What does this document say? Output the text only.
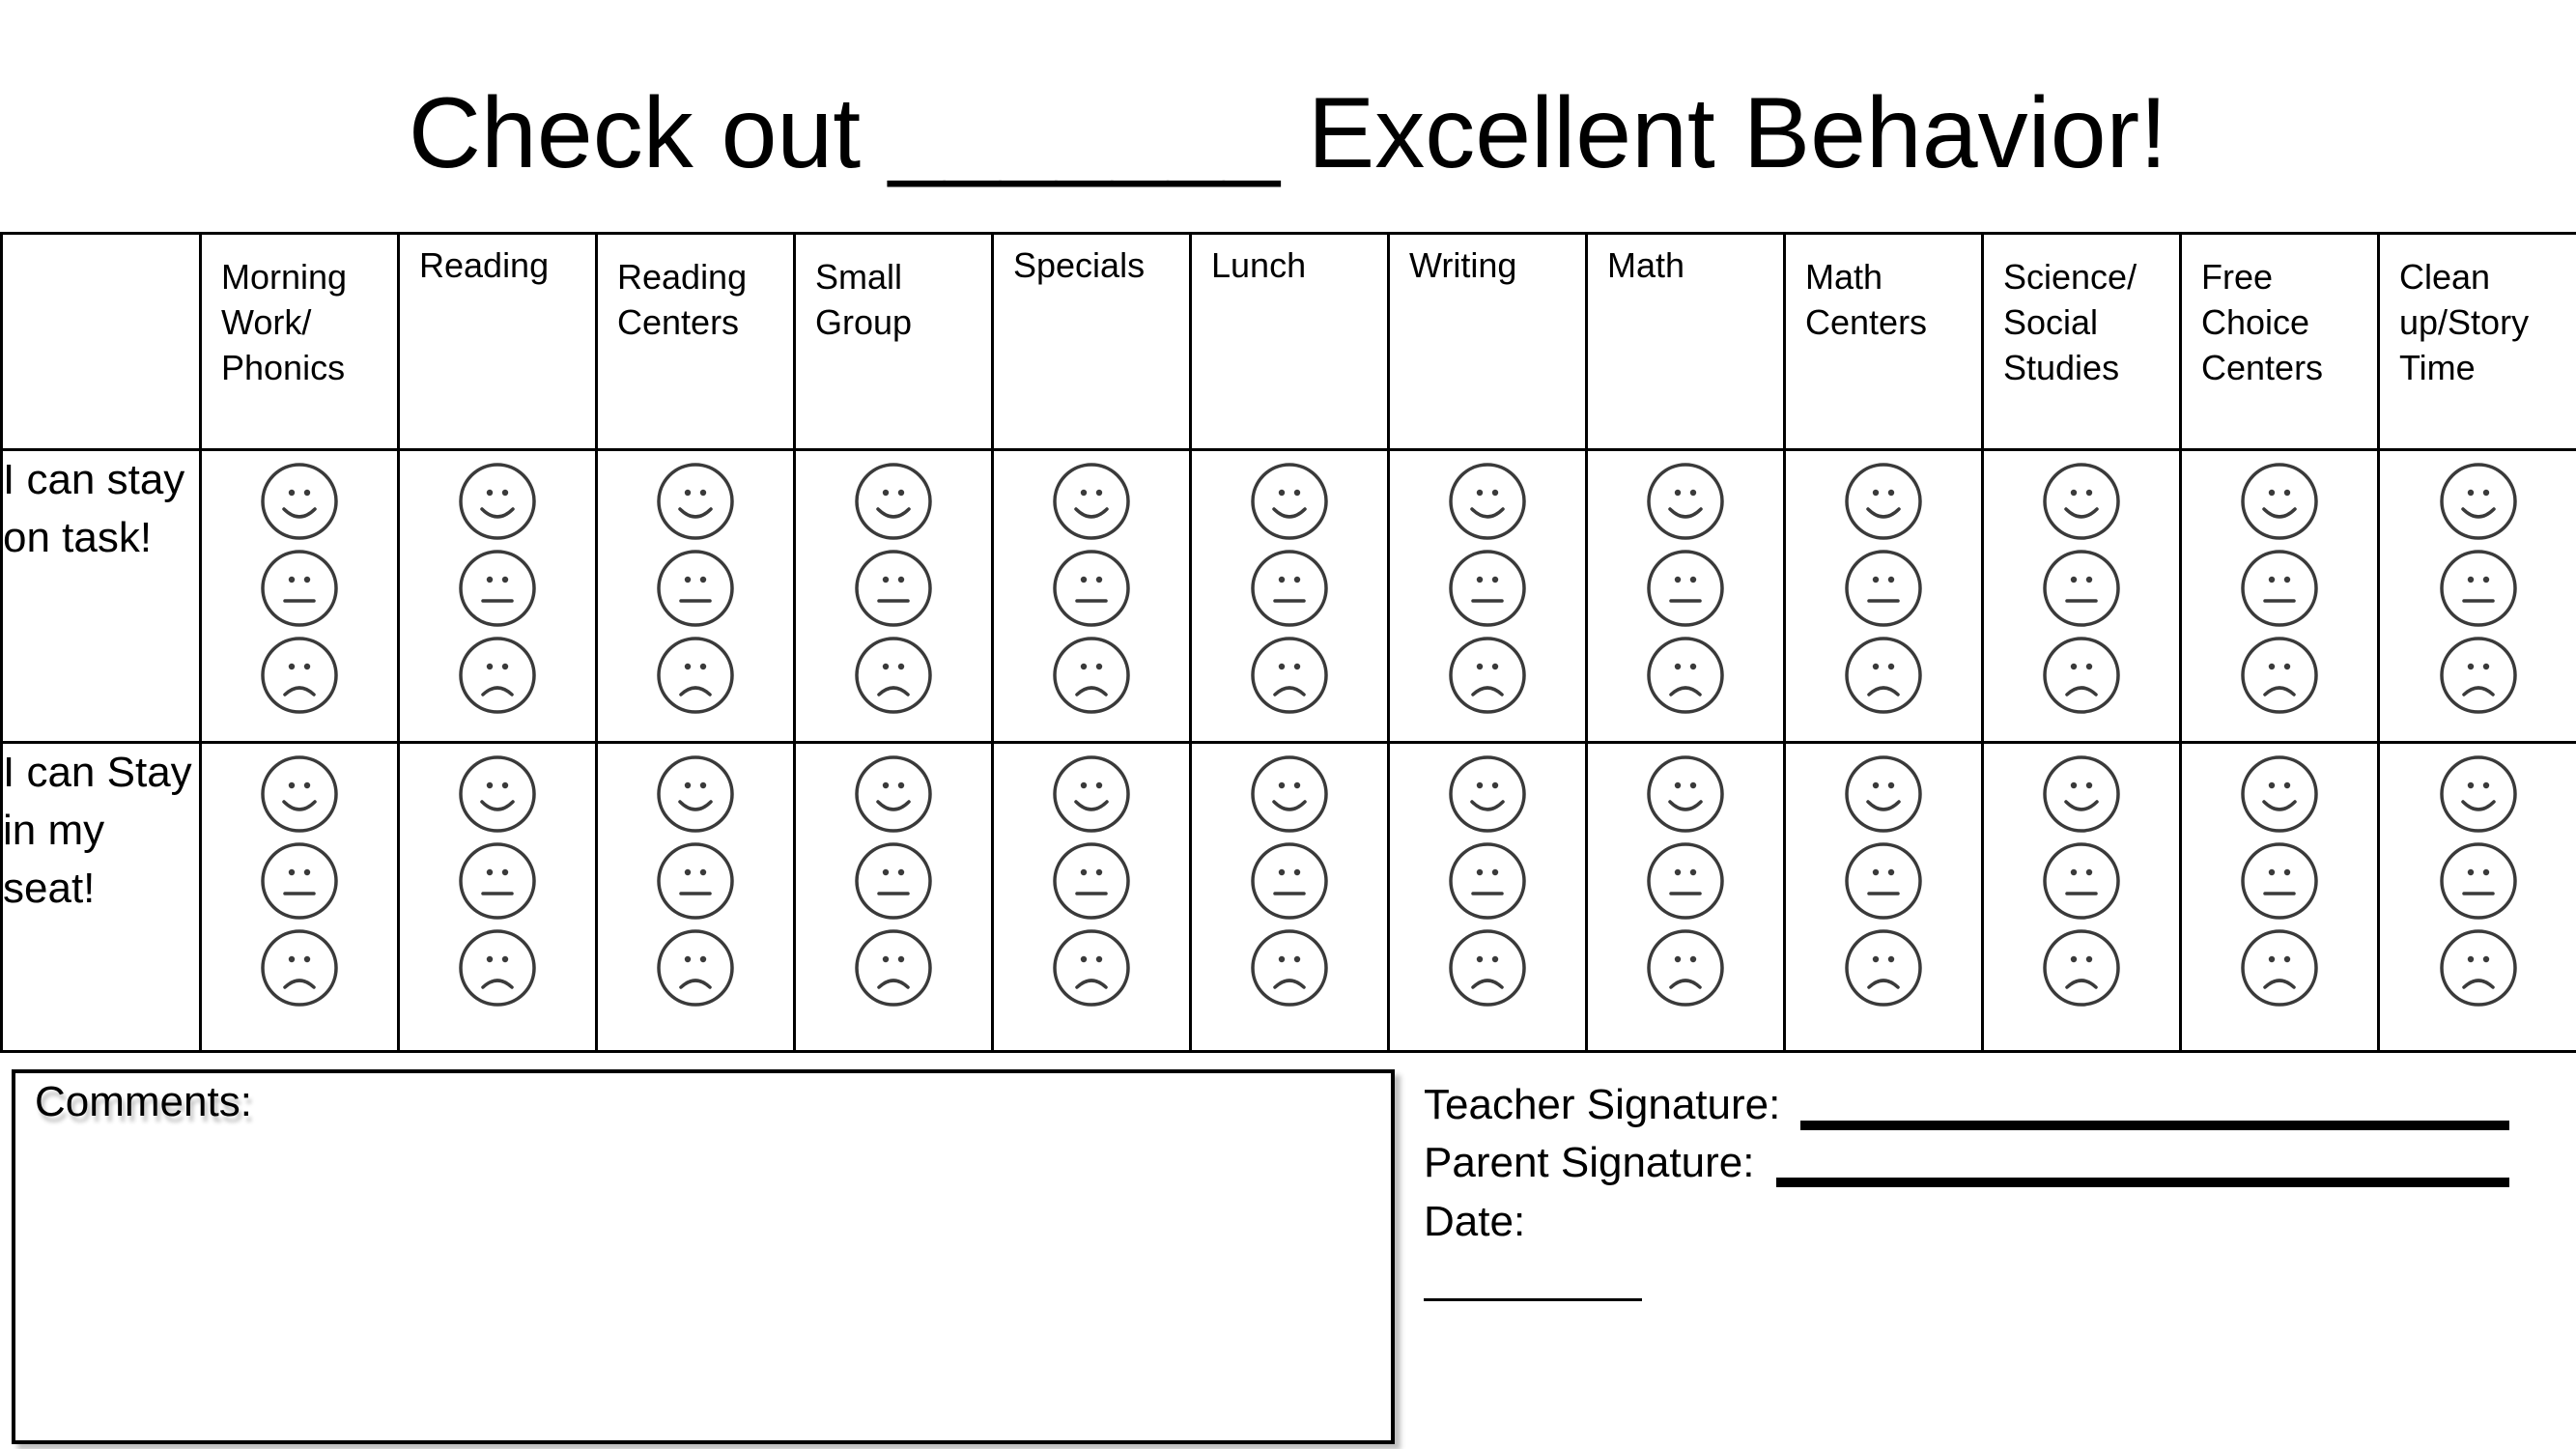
Check out _______ Excellent Behavior!

	Morning Work/ Phonics	Reading	Reading Centers	Small Group	Specials	Lunch	Writing	Math	Math Centers	Science/ Social Studies	Free Choice Centers	Clean up/Story Time

I can stay on task!	

I can Stay in my seat!	

Comments:	Teacher Signature:
Parent Signature:
Date:
